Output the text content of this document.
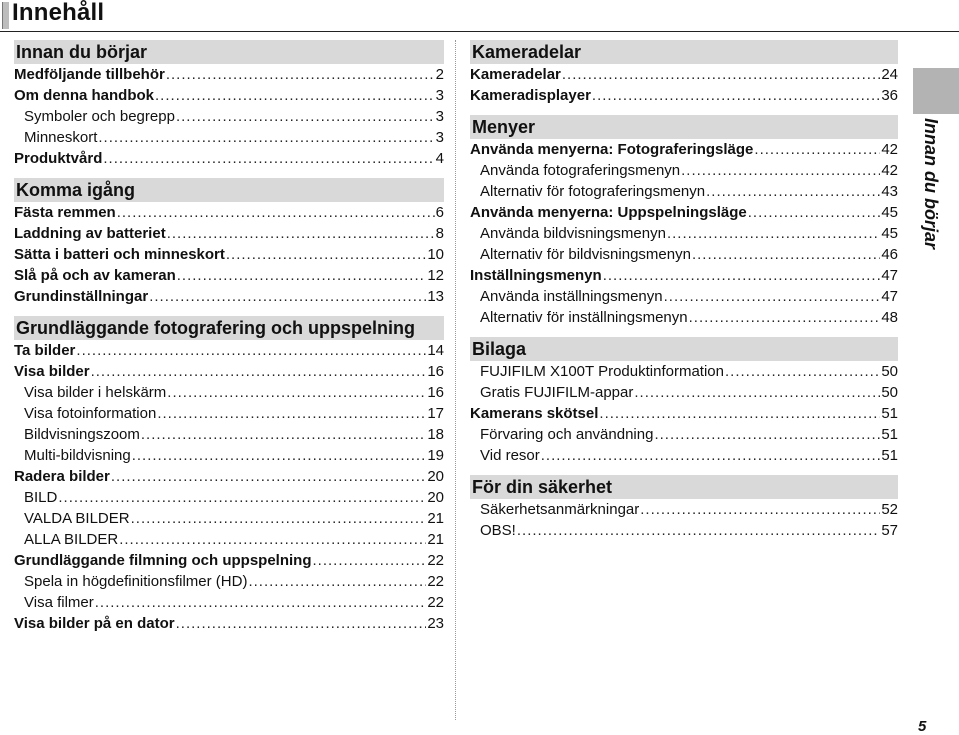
Innehåll
Innan du börjar
Medföljande tillbehör .....	2
Om denna handbok .....	3
Symboler och begrepp .....	3
Minneskort .....	3
Produktvård .....	4
Komma igång
Fästa remmen .....	6
Laddning av batteriet .....	8
Sätta i batteri och minneskort .....	10
Slå på och av kameran .....	12
Grundinställningar .....	13
Grundläggande fotografering och uppspelning
Ta bilder .....	14
Visa bilder .....	16
Visa bilder i helskärm .....	16
Visa fotoinformation .....	17
Bildvisningszoom .....	18
Multi-bildvisning .....	19
Radera bilder .....	20
BILD .....	20
VALDA BILDER .....	21
ALLA BILDER .....	21
Grundläggande filmning och uppspelning .....	22
Spela in högdefinitionsfilmer (HD) .....	22
Visa filmer .....	22
Visa bilder på en dator .....	23
Kameradelar
Kameradelar .....	24
Kameradisplayer .....	36
Menyer
Använda menyerna: Fotograferingsläge .....	42
Använda fotograferingsmenyn .....	42
Alternativ för fotograferingsmenyn .....	43
Använda menyerna: Uppspelningsläge .....	45
Använda bildvisningsmenyn .....	45
Alternativ för bildvisningsmenyn .....	46
Inställningsmenyn .....	47
Använda inställningsmenyn .....	47
Alternativ för inställningsmenyn .....	48
Bilaga
FUJIFILM X100T Produktinformation .....	50
Gratis FUJIFILM-appar .....	50
Kamerans skötsel .....	51
Förvaring och användning .....	51
Vid resor .....	51
För din säkerhet
Säkerhetsanmärkningar .....	52
OBS! .....	57
Innan du börjar
5
